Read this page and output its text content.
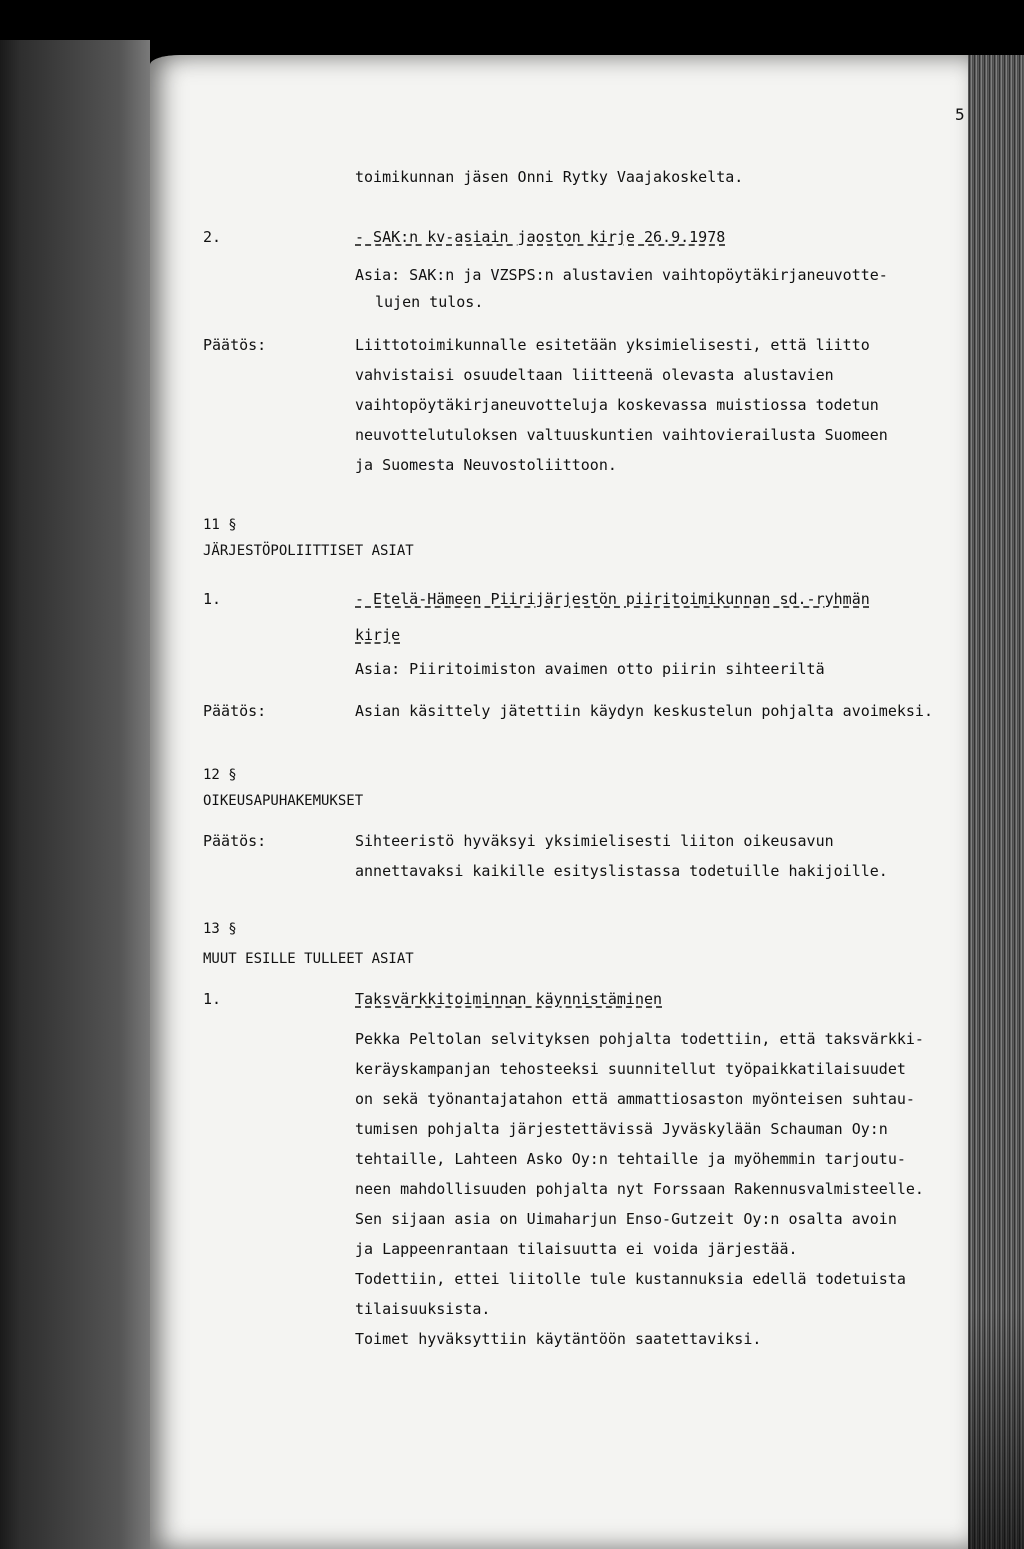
5
toimikunnan jäsen Onni Rytky Vaajakoskelta.
2.	- SAK:n kv-asiain jaoston kirje 26.9.1978
Asia: SAK:n ja VZSPS:n alustavien vaihtopöytäkirjaneuvotte-
lujen tulos.
Päätös:	Liittotoimikunnalle esitetään yksimielisesti, että liitto
vahvistaisi osuudeltaan liitteenä olevasta alustavien
vaihtopöytäkirjaneuvotteluja koskevassa muistiossa todetun
neuvottelutuloksen valtuuskuntien vaihtovierailusta Suomeen
ja Suomesta Neuvostoliittoon.
11 §
JÄRJESTÖPOLIITTISET ASIAT
1.	- Etelä-Hämeen Piirijärjestön piiritoimikunnan sd.-ryhmän
kirje
Asia: Piiritoimiston avaimen otto piirin sihteeriltä
Päätös:	Asian käsittely jätettiin käydyn keskustelun pohjalta avoimeksi.
12 §
OIKEUSAPUHAKEMUKSET
Päätös:	Sihteeristö hyväksyi yksimielisesti liiton oikeusavun
annettavaksi kaikille esityslistassa todetuille hakijoille.
13 §
MUUT ESILLE TULLEET ASIAT
1.	Taksvärkkitoiminnan käynnistäminen
Pekka Peltolan selvityksen pohjalta todettiin, että taksvärkki-
keräyskampanjan tehosteeksi suunnitellut työpaikkatilaisuudet
on sekä työnantajatahon että ammattiosaston myönteisen suhtau-
tumisen pohjalta järjestettävissä Jyväskylään Schauman Oy:n
tehtaille, Lahteen Asko Oy:n tehtaille ja myöhemmin tarjoutu-
neen mahdollisuuden pohjalta nyt Forssaan Rakennusvalmisteelle.
Sen sijaan asia on Uimaharjun Enso-Gutzeit Oy:n osalta avoin
ja Lappeenrantaan tilaisuutta ei voida järjestää.
Todettiin, ettei liitolle tule kustannuksia edellä todetuista
tilaisuuksista.
Toimet hyväksyttiin käytäntöön saatettaviksi.
